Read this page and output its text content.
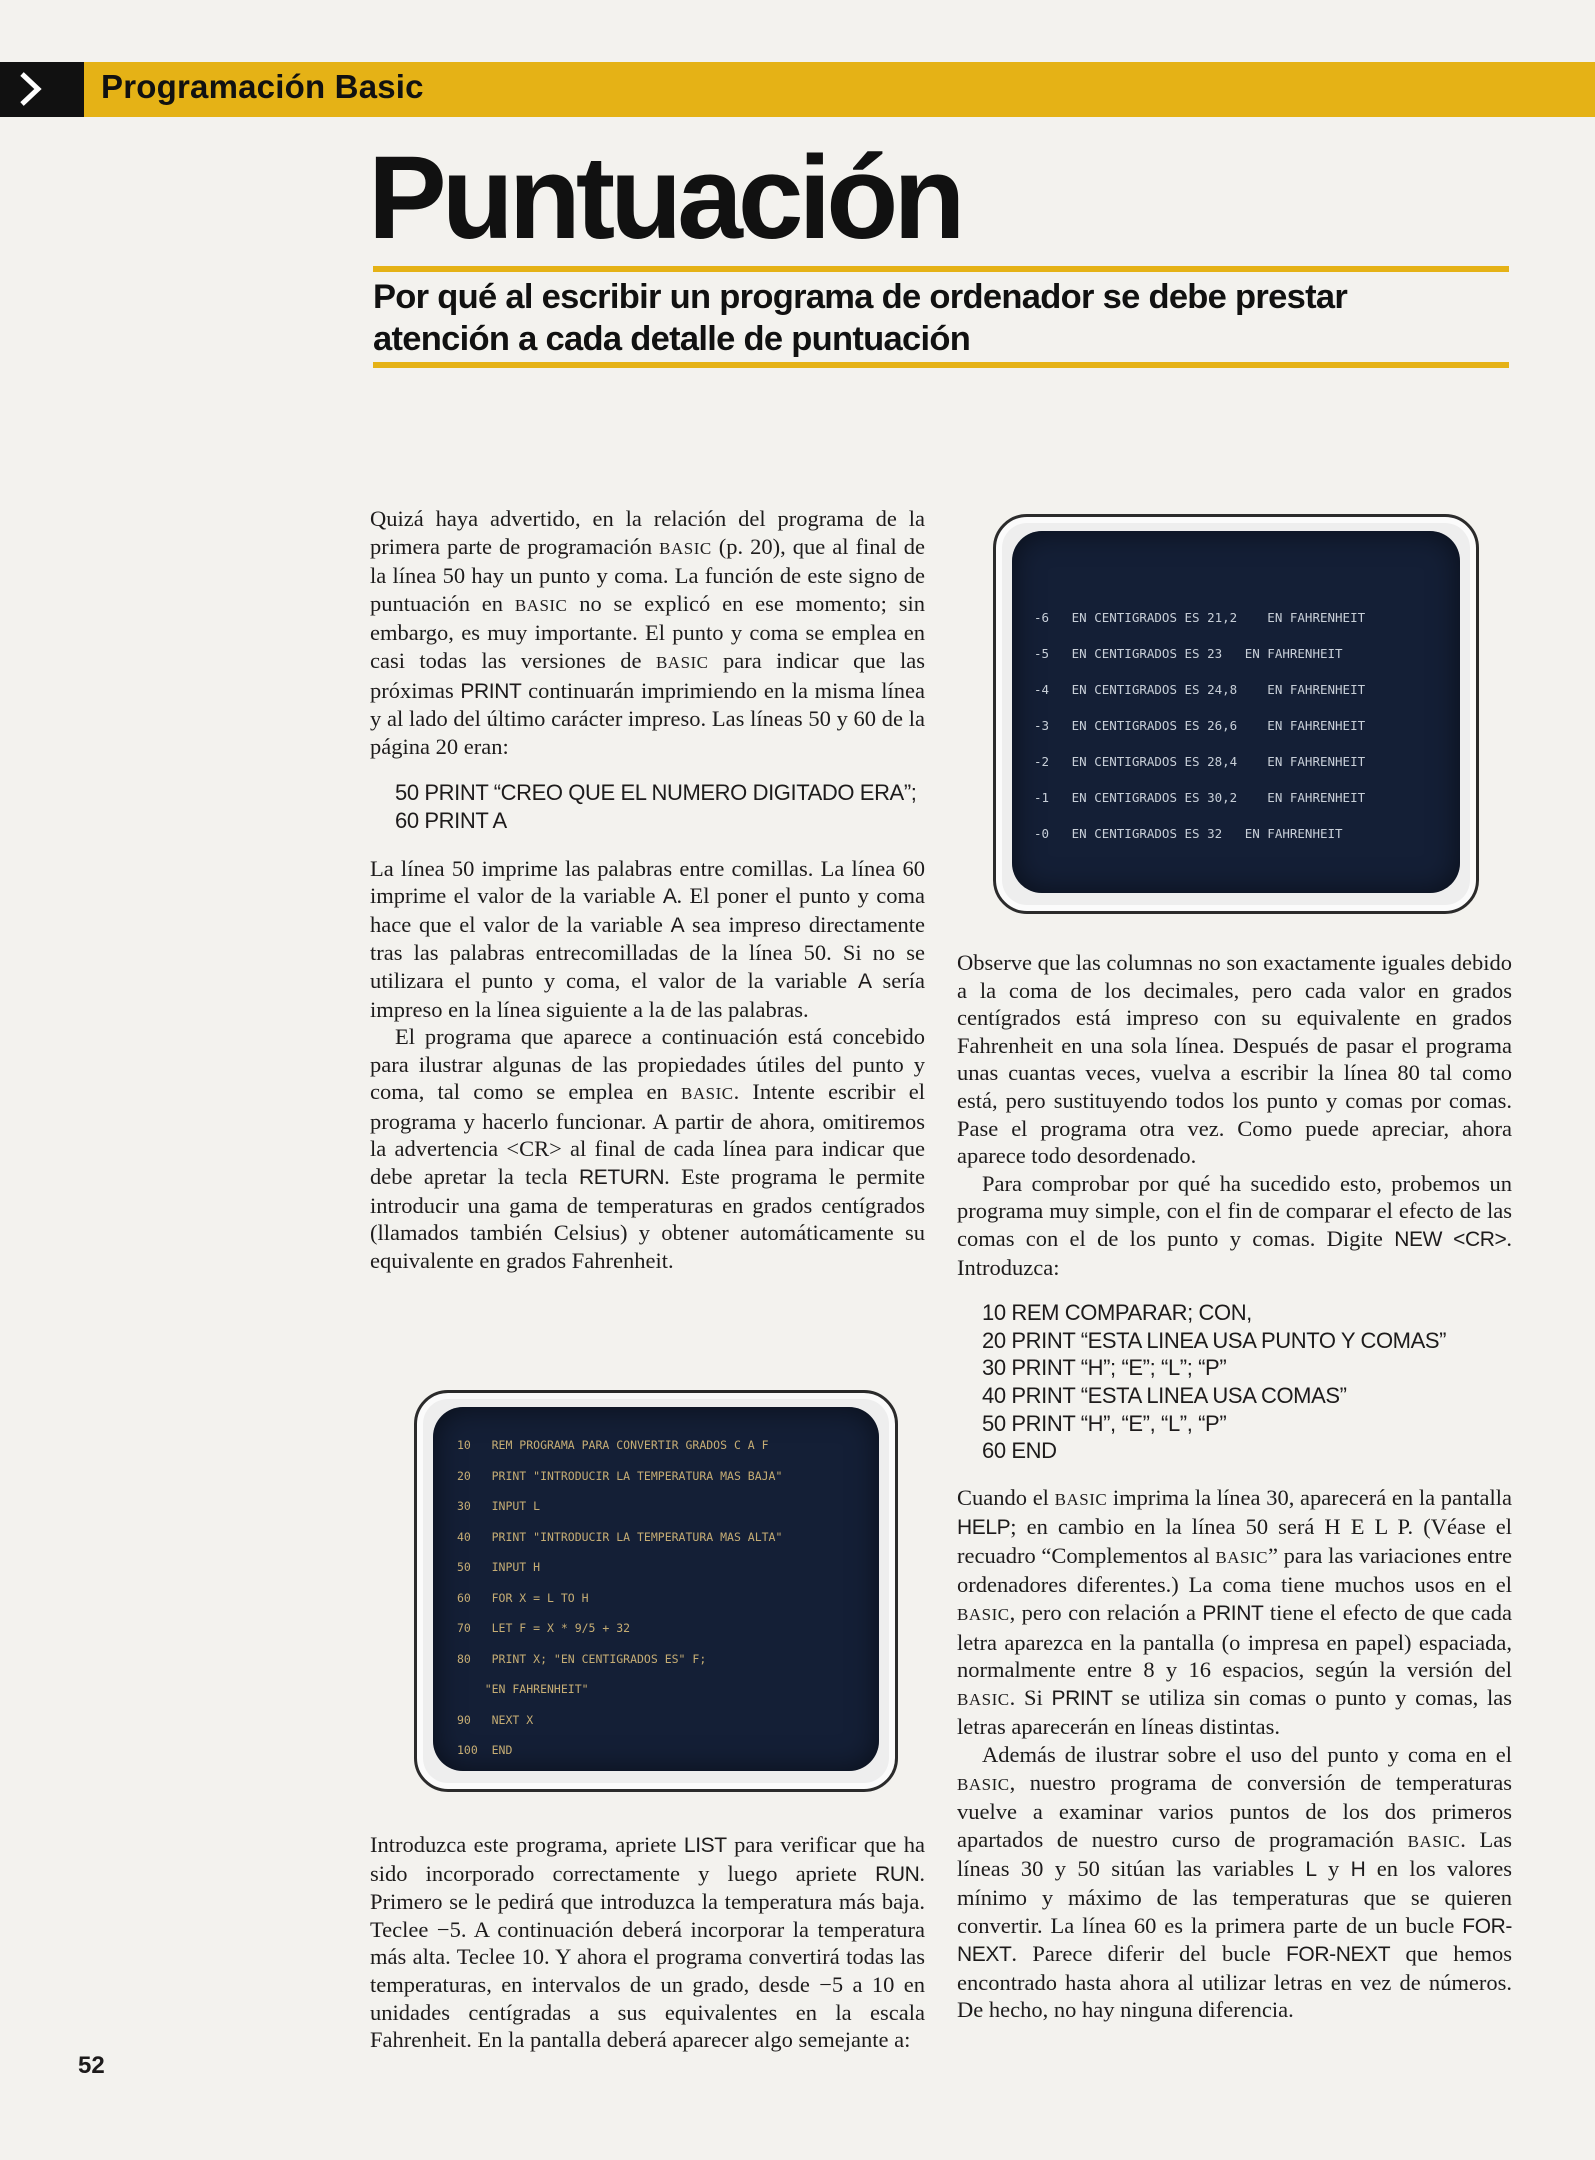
Programación Basic
Puntuación
Por qué al escribir un programa de ordenador se debe prestar
atención a cada detalle de puntuación

Quizá haya advertido, en la relación del programa de la primera parte de programación BASIC (p. 20), que al final de la línea 50 hay un punto y coma. La función de este signo de puntuación en BASIC no se explicó en ese momento; sin embargo, es muy importante. El punto y coma se emplea en casi todas las versiones de BASIC para indicar que las próximas PRINT continuarán imprimiendo en la misma línea y al lado del último carácter impreso. Las líneas 50 y 60 de la página 20 eran:

50 PRINT “CREO QUE EL NUMERO DIGITADO ERA”;
60 PRINT A

La línea 50 imprime las palabras entre comillas. La línea 60 imprime el valor de la variable A. El poner el punto y coma hace que el valor de la variable A sea impreso directamente tras las palabras entrecomilladas de la línea 50. Si no se utilizara el punto y coma, el valor de la variable A sería impreso en la línea siguiente a la de las palabras.

El programa que aparece a continuación está concebido para ilustrar algunas de las propiedades útiles del punto y coma, tal como se emplea en BASIC. Intente escribir el programa y hacerlo funcionar. A partir de ahora, omitiremos la advertencia <CR> al final de cada línea para indicar que debe apretar la tecla RETURN. Este programa le permite introducir una gama de temperaturas en grados centígrados (llamados también Celsius) y obtener automáticamente su equivalente en grados Fahrenheit.

10   REM PROGRAMA PARA CONVERTIR GRADOS C A F
20   PRINT "INTRODUCIR LA TEMPERATURA MAS BAJA"
30   INPUT L
40   PRINT "INTRODUCIR LA TEMPERATURA MAS ALTA"
50   INPUT H
60   FOR X = L TO H
70   LET F = X * 9/5 + 32
80   PRINT X; "EN CENTIGRADOS ES" F;
"EN FAHRENHEIT"
90   NEXT X
100  END

Introduzca este programa, apriete LIST para verificar que ha sido incorporado correctamente y luego apriete RUN. Primero se le pedirá que introduzca la temperatura más baja. Teclee −5. A continuación deberá incorporar la temperatura más alta. Teclee 10. Y ahora el programa convertirá todas las temperaturas, en intervalos de un grado, desde −5 a 10 en unidades centígradas a sus equivalentes en la escala Fahrenheit. En la pantalla deberá aparecer algo semejante a:

-6   EN CENTIGRADOS ES 21,2    EN FAHRENHEIT
-5   EN CENTIGRADOS ES 23   EN FAHRENHEIT
-4   EN CENTIGRADOS ES 24,8    EN FAHRENHEIT
-3   EN CENTIGRADOS ES 26,6    EN FAHRENHEIT
-2   EN CENTIGRADOS ES 28,4    EN FAHRENHEIT
-1   EN CENTIGRADOS ES 30,2    EN FAHRENHEIT
-0   EN CENTIGRADOS ES 32   EN FAHRENHEIT

Observe que las columnas no son exactamente iguales debido a la coma de los decimales, pero cada valor en grados centígrados está impreso con su equivalente en grados Fahrenheit en una sola línea. Después de pasar el programa unas cuantas veces, vuelva a escribir la línea 80 tal como está, pero sustituyendo todos los punto y comas por comas. Pase el programa otra vez. Como puede apreciar, ahora aparece todo desordenado.

Para comprobar por qué ha sucedido esto, probemos un programa muy simple, con el fin de comparar el efecto de las comas con el de los punto y comas. Digite NEW <CR>. Introduzca:

10 REM COMPARAR; CON,
20 PRINT “ESTA LINEA USA PUNTO Y COMAS”
30 PRINT “H”; “E”; “L”; “P”
40 PRINT “ESTA LINEA USA COMAS”
50 PRINT “H”, “E”, “L”, “P”
60 END

Cuando el BASIC imprima la línea 30, aparecerá en la pantalla HELP; en cambio en la línea 50 será H E L P. (Véase el recuadro “Complementos al BASIC” para las variaciones entre ordenadores diferentes.) La coma tiene muchos usos en el BASIC, pero con relación a PRINT tiene el efecto de que cada letra aparezca en la pantalla (o impresa en papel) espaciada, normalmente entre 8 y 16 espacios, según la versión del BASIC. Si PRINT se utiliza sin comas o punto y comas, las letras aparecerán en líneas distintas.

Además de ilustrar sobre el uso del punto y coma en el BASIC, nuestro programa de conversión de temperaturas vuelve a examinar varios puntos de los dos primeros apartados de nuestro curso de programación BASIC. Las líneas 30 y 50 sitúan las variables L y H en los valores mínimo y máximo de las temperaturas que se quieren convertir. La línea 60 es la primera parte de un bucle FOR-NEXT. Parece diferir del bucle FOR-NEXT que hemos encontrado hasta ahora al utilizar letras en vez de números. De hecho, no hay ninguna diferencia.

52
